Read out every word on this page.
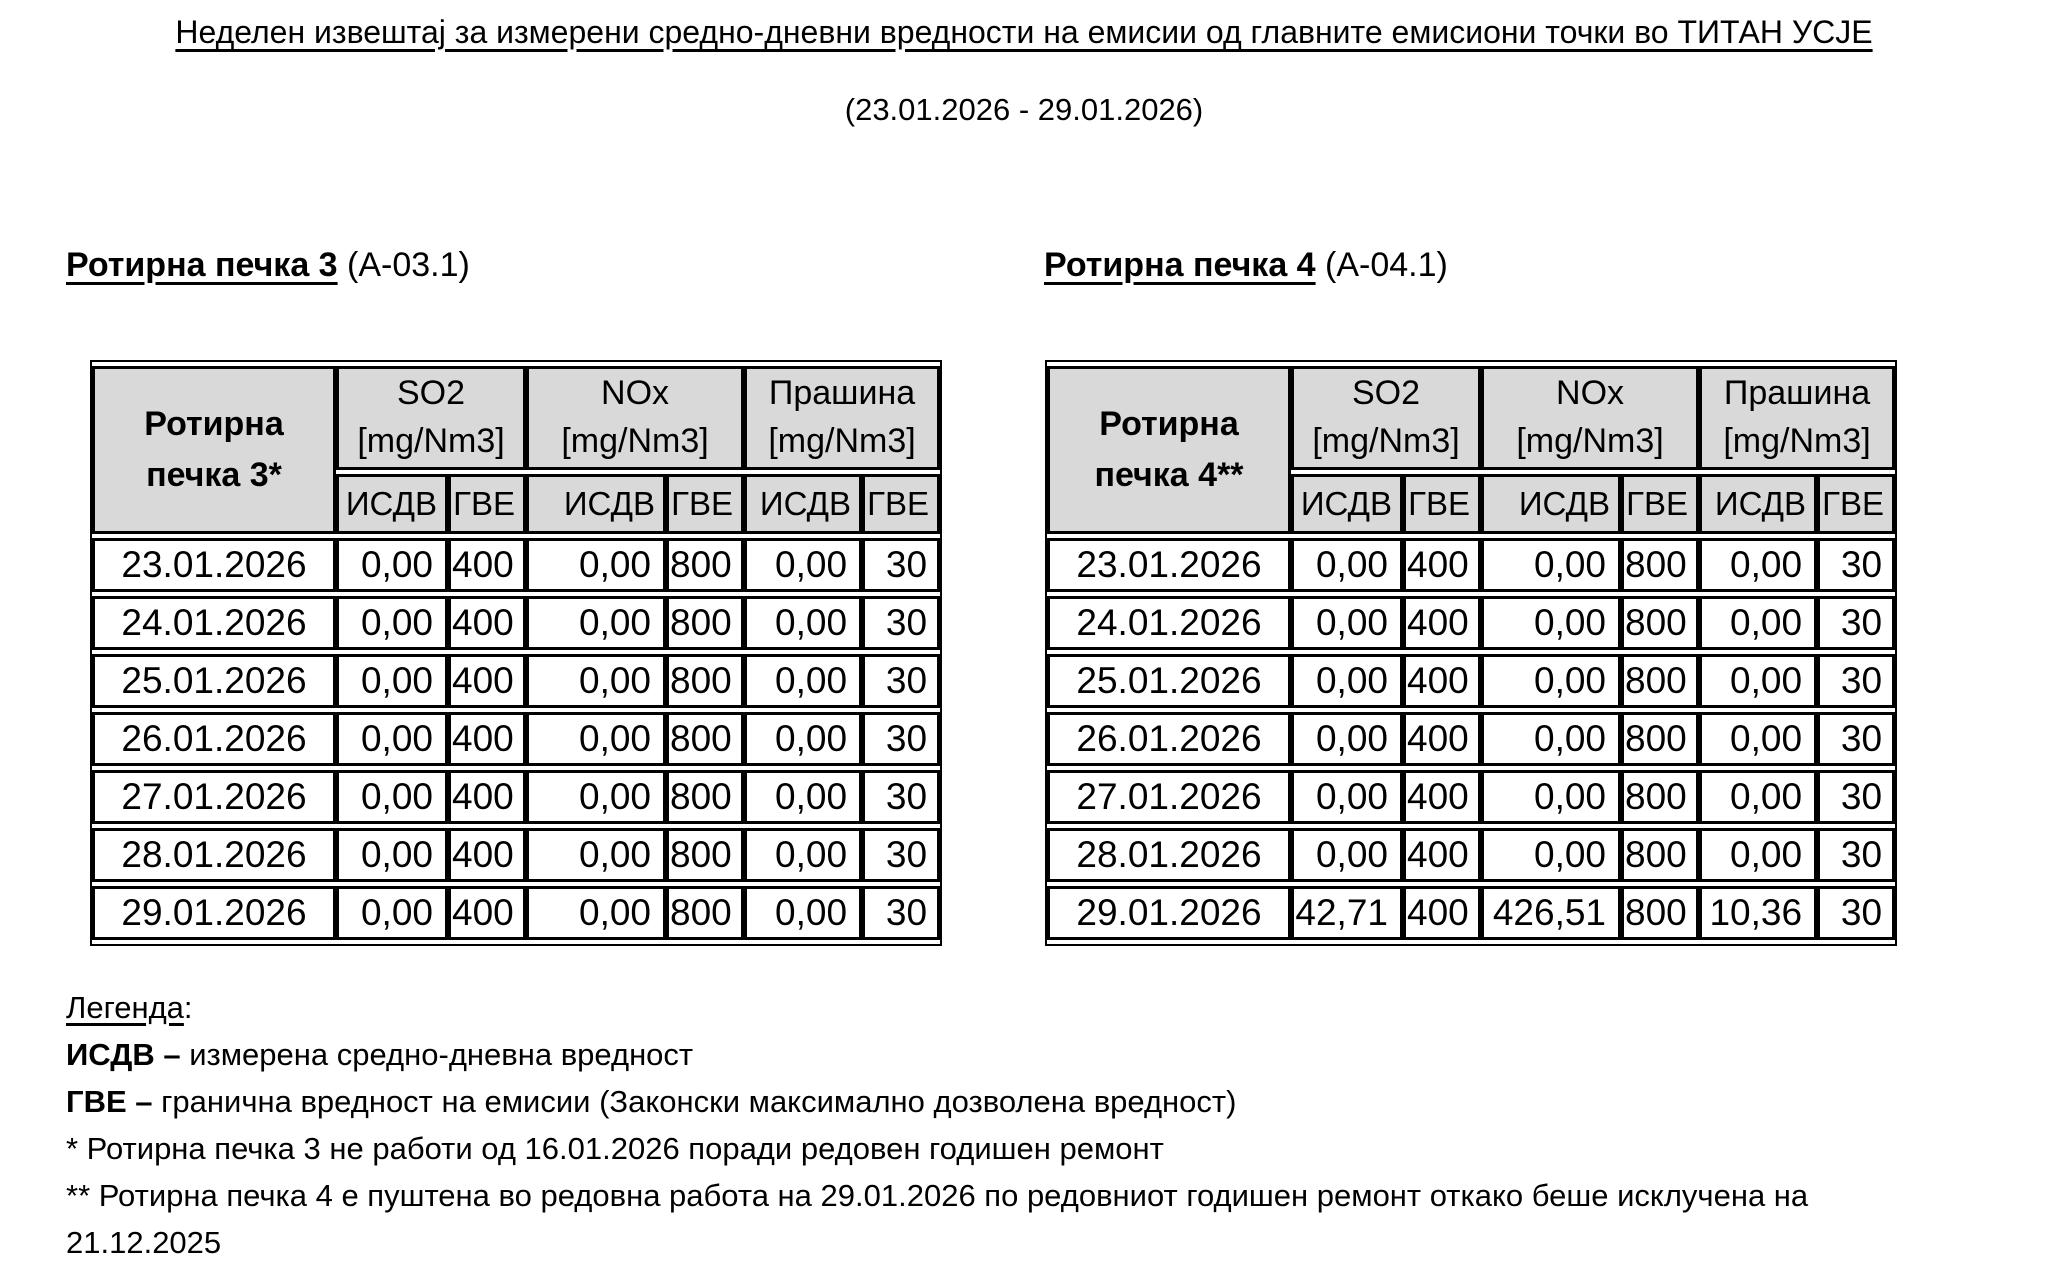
Неделен извештај за измерени средно-дневни вредности на емисии од главните емисиони точки во ТИТАН УСЈЕ
(23.01.2026 - 29.01.2026)
Ротирна печка 3 (А-03.1)	Ротирна печка 4 (А-04.1)
Ротирна
печка 3*

SO2
[mg/Nm3]

NOx
[mg/Nm3]

Прашина
[mg/Nm3]

	ИСДВ	ГВЕ	ИСДВ	ГВЕ	ИСДВ	ГВЕ
23.01.2026	0,00	400	0,00	800	0,00	30
24.01.2026	0,00	400	0,00	800	0,00	30
25.01.2026	0,00	400	0,00	800	0,00	30
26.01.2026	0,00	400	0,00	800	0,00	30
27.01.2026	0,00	400	0,00	800	0,00	30
28.01.2026	0,00	400	0,00	800	0,00	30
29.01.2026	0,00	400	0,00	800	0,00	30
Ротирна
печка 4**

SO2
[mg/Nm3]

NOx
[mg/Nm3]

Прашина
[mg/Nm3]

	ИСДВ	ГВЕ	ИСДВ	ГВЕ	ИСДВ	ГВЕ
23.01.2026	0,00	400	0,00	800	0,00	30
24.01.2026	0,00	400	0,00	800	0,00	30
25.01.2026	0,00	400	0,00	800	0,00	30
26.01.2026	0,00	400	0,00	800	0,00	30
27.01.2026	0,00	400	0,00	800	0,00	30
28.01.2026	0,00	400	0,00	800	0,00	30
29.01.2026	42,71	400	426,51	800	10,36	30
Легенда:
ИСДВ – измерена средно-дневна вредност
ГВЕ – гранична вредност на емисии (Законски максимално дозволена вредност)
* Ротирна печка 3 не работи од 16.01.2026 поради редовен годишен ремонт
** Ротирна печка 4 е пуштена во редовна работа на 29.01.2026 по редовниот годишен ремонт откако беше исклучена на 21.12.2025
